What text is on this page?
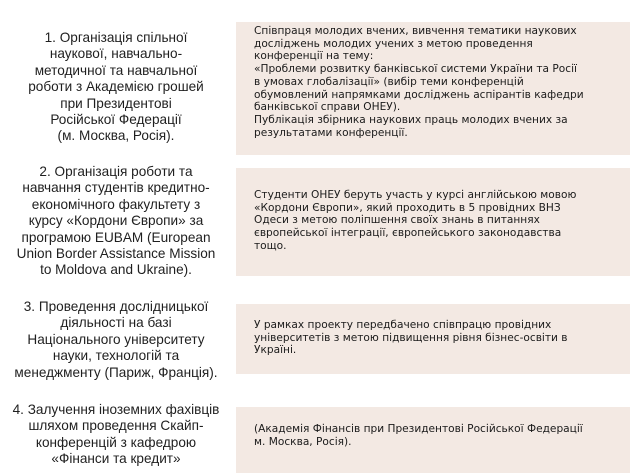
1. Організація спільної
наукової, навчально-
методичної та навчальної
роботи з Академією грошей
при Президентові
Російської Федерації
(м. Москва, Росія).
Співпраця молодих вчених, вивчення тематики наукових
досліджень молодих учених з метою проведення
конференції на тему:
«Проблеми розвитку банківської системи України та Росії
в умовах глобалізації» (вибір теми конференцій
обумовлений напрямками досліджень аспірантів кафедри
банківської справи ОНЕУ).
Публікація збірника наукових праць молодих вчених за
результатами конференції.
2. Організація роботи та
навчання студентів кредитно-
економічного факультету з
курсу «Кордони Європи» за
програмою EUBAM (European
Union Border Assistance Mission
to Moldova and Ukraine).
Студенти ОНЕУ беруть участь у курсі англійською мовою
«Кордони Європи», який проходить в 5 провідних ВНЗ
Одеси з метою поліпшення своїх знань в питаннях
європейської інтеграції, європейського законодавства
тощо.
3. Проведення дослідницької
діяльності на базі
Національного університету
науки, технологій та
менеджменту (Париж, Франція).
У рамках проекту передбачено співпрацю провідних
університетів з метою підвищення рівня бізнес-освіти в
Україні.
4. Залучення іноземних фахівців
шляхом проведення Скайп-
конференцій з кафедрою
«Фінанси та кредит»
(Академія Фінансів при Президентові Російської Федерації
м. Москва, Росія).
